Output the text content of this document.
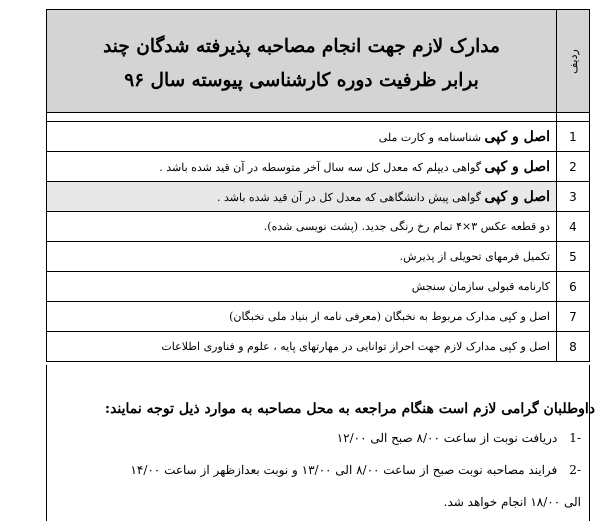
ردیف	مدارک لازم جهت انجام مصاحبه پذیرفته شدگان چند
برابر ظرفیت دوره کارشناسی پیوسته سال ۹۶

1	اصل و کپی شناسنامه و کارت ملی
2	اصل و کپی گواهی دیپلم که معدل کل سه سال آخر متوسطه در آن قید شده باشد .
3	اصل و کپی گواهی پیش دانشگاهی که معدل کل در آن قید شده باشد .
4	دو قطعه عکس ۳×۴ تمام رخ رنگی جدید. (پشت نویسی شده).
5	تکمیل فرمهای تحویلی از پذیرش.
6	کارنامه قبولی سازمان سنجش
7	اصل و کپی مدارک مربوط به نخبگان (معرفی نامه از بنیاد ملی نخبگان)
8	اصل و کپی مدارک لازم جهت احراز توانایی در مهارتهای پایه ، علوم و فناوری اطلاعات
داوطلبان گرامی لازم است هنگام مراجعه به محل مصاحبه به موارد ذیل توجه نمایند:
-1دریافت نوبت از ساعت ۸/۰۰ صبح الی ۱۲/۰۰
-2فرایند مصاحبه نوبت صبح از ساعت ۸/۰۰ الی ۱۳/۰۰ و نوبت بعدازظهر از ساعت ۱۴/۰۰
الی ۱۸/۰۰ انجام خواهد شد.
